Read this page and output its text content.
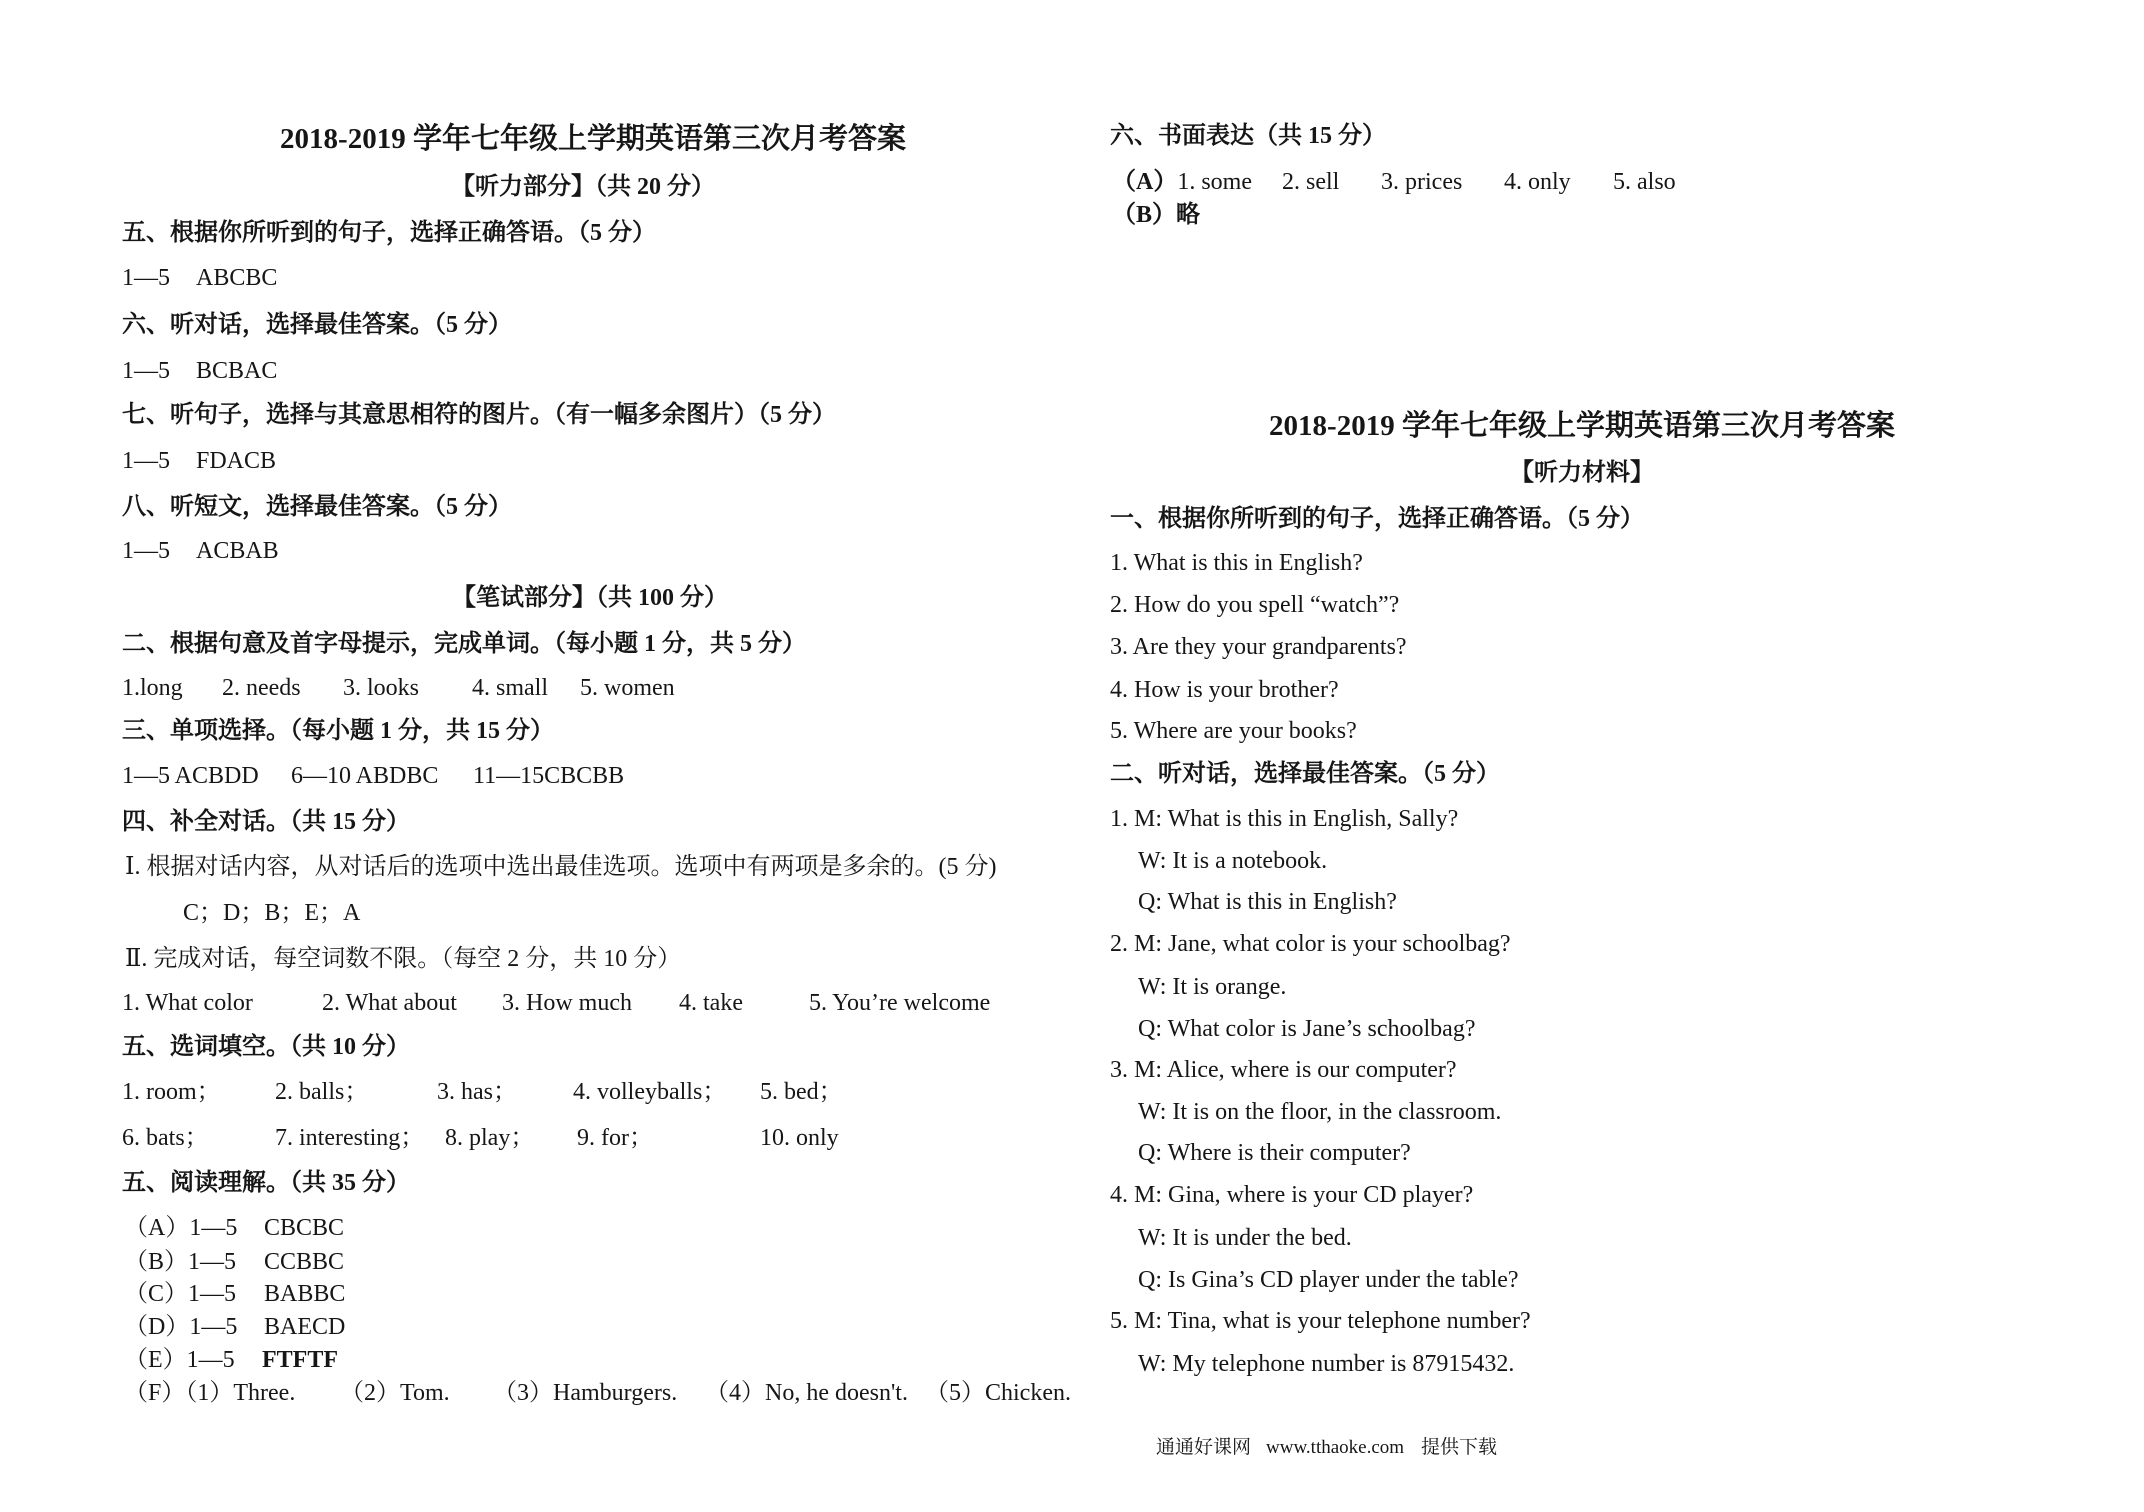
2018-2019 学年七年级上学期英语第三次月考答案
【听力部分】（共 20 分）
五、根据你所听到的句子，选择正确答语。（5 分）
1—5 ABCBC
六、听对话，选择最佳答案。（5 分）
1—5 BCBAC
七、听句子，选择与其意思相符的图片。（有一幅多余图片）（5 分）
1—5 FDACB
八、听短文，选择最佳答案。（5 分）
1—5 ACBAB
【笔试部分】（共 100 分）
二、根据句意及首字母提示，完成单词。（每小题 1 分，共 5 分）
1.long 2. needs 3. looks 4. small 5. women
三、单项选择。（每小题 1 分，共 15 分）
1—5 ACBDD 6—10 ABDBC 11—15CBCBB
四、补全对话。（共 15 分）
Ⅰ. 根据对话内容，从对话后的选项中选出最佳选项。选项中有两项是多余的。(5 分)
C；D；B；E；A
Ⅱ. 完成对话，每空词数不限。（每空 2 分，共 10 分）
1. What color	2. What about 3. How much 4. take	5. You’re welcome
五、选词填空。（共 10 分）
1. room； 2. balls；	3. has； 4. volleyballs； 5. bed；
6. bats；	7. interesting； 8. play； 9. for；	10. only
五、阅读理解。（共 35 分）
（A）1—5 CBCBC
（B）1—5 CCBBC
（C）1—5 BABBC
（D）1—5 BAECD
（E）1—5 FTFTF
（F）（1）Three. （2）Tom. （3）Hamburgers. （4）No, he doesn't. （5）Chicken.
六、书面表达（共 15 分）
（A）1. some 2. sell 3. prices 4. only 5. also
（B）略
2018-2019 学年七年级上学期英语第三次月考答案
【听力材料】
一、根据你所听到的句子，选择正确答语。（5 分）
1. What is this in English?
2. How do you spell “watch”?
3. Are they your grandparents?
4. How is your brother?
5. Where are your books?
二、听对话，选择最佳答案。（5 分）
1. M: What is this in English, Sally?
W: It is a notebook.
Q: What is this in English?
2. M: Jane, what color is your schoolbag?
W: It is orange.
Q: What color is Jane’s schoolbag?
3. M: Alice, where is our computer?
W: It is on the floor, in the classroom.
Q: Where is their computer?
4. M: Gina, where is your CD player?
W: It is under the bed.
Q: Is Gina’s CD player under the table?
5. M: Tina, what is your telephone number?
W: My telephone number is 87915432.
通通好课网 www.tthaoke.com 提供下载
